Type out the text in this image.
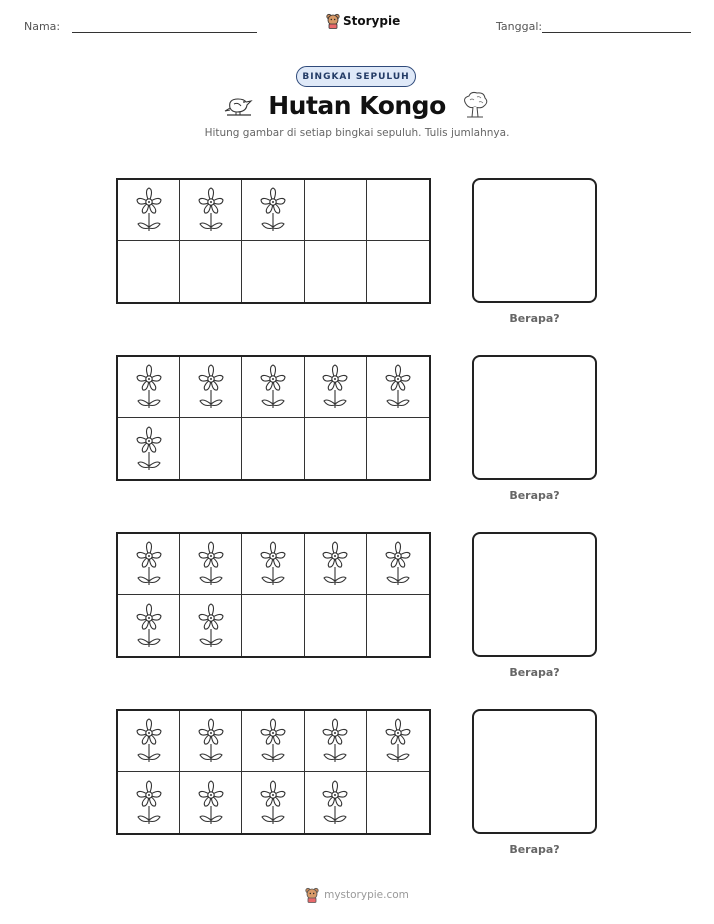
Nama:	Storypie	Tanggal:
BINGKAI SEPULUH
Hutan Kongo
Hitung gambar di setiap bingkai sepuluh. Tulis jumlahnya.
Berapa?
Berapa?
Berapa?
Berapa?
mystorypie.com
